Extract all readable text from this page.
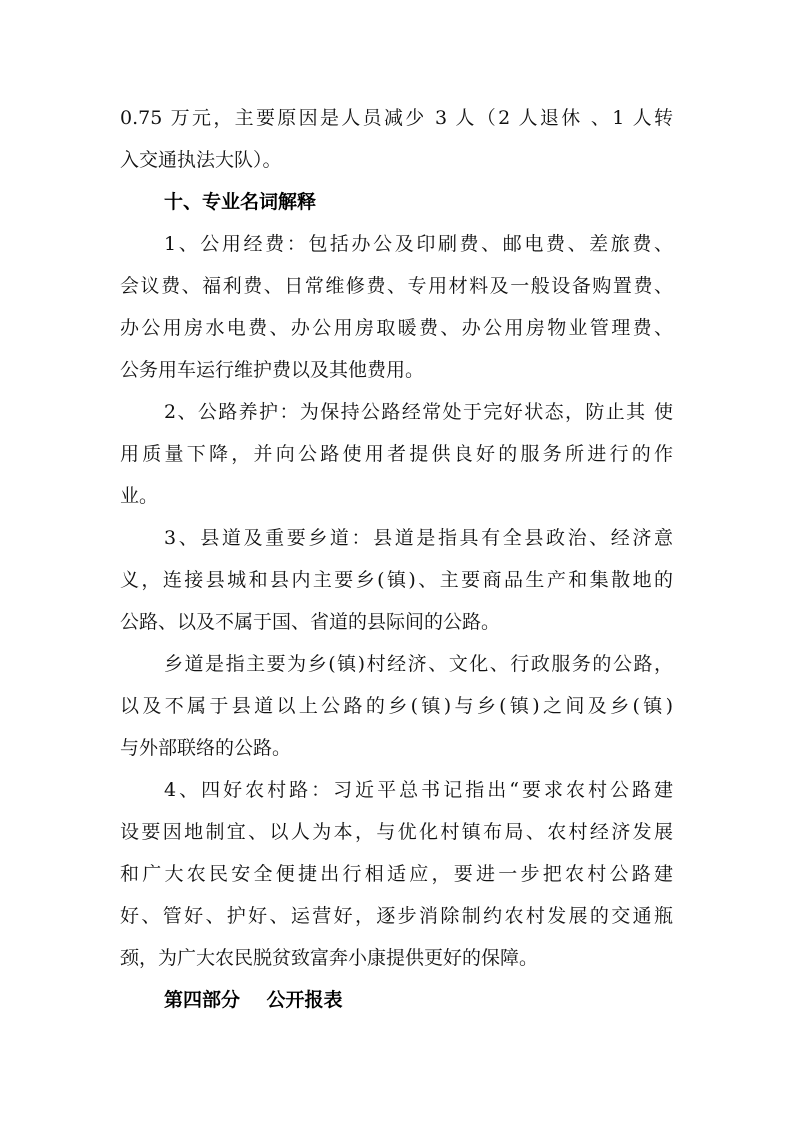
0.75 万元，主要原因是人员减少 3 人（2 人退休 、1 人转
入交通执法大队）。
十、专业名词解释
1、公用经费：包括办公及印刷费、邮电费、差旅费、
会议费、福利费、日常维修费、专用材料及一般设备购置费、
办公用房水电费、办公用房取暖费、办公用房物业管理费、
公务用车运行维护费以及其他费用。
2、公路养护：为保持公路经常处于完好状态，防止其 使
用质量下降，并向公路使用者提供良好的服务所进行的作
业。
3、县道及重要乡道：县道是指具有全县政治、经济意
义，连接县城和县内主要乡(镇)、主要商品生产和集散地的
公路、以及不属于国、省道的县际间的公路。
乡道是指主要为乡(镇)村经济、文化、行政服务的公路，
以及不属于县道以上公路的乡(镇)与乡(镇)之间及乡(镇)
与外部联络的公路。
4、四好农村路：习近平总书记指出“要求农村公路建
设要因地制宜、以人为本，与优化村镇布局、农村经济发展
和广大农民安全便捷出行相适应，要进一步把农村公路建
好、管好、护好、运营好，逐步消除制约农村发展的交通瓶
颈，为广大农民脱贫致富奔小康提供更好的保障。
第四部分    公开报表
